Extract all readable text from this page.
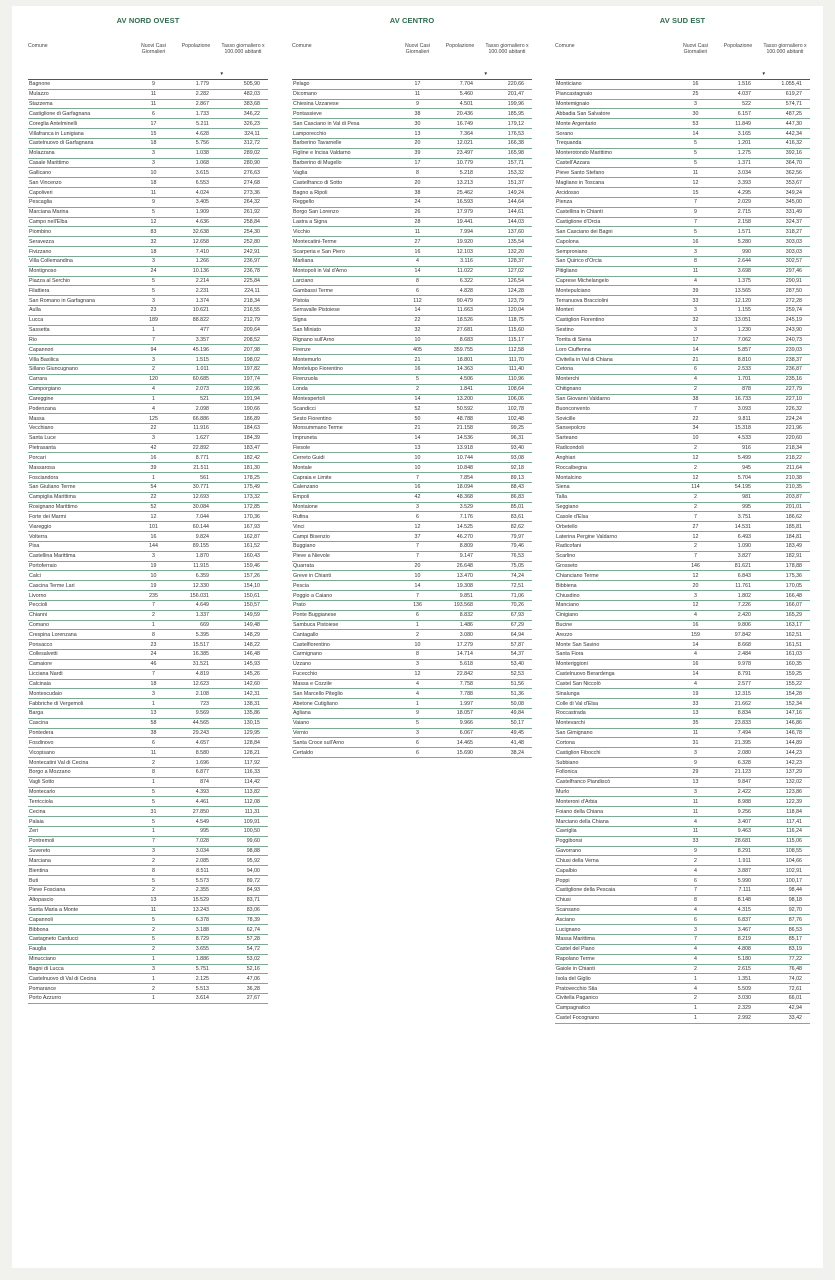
AV NORD OVEST
Comune	Nuovi Casi Giornalieri
Popolazione	Tasso giornaliero x 100.000 abitanti
▼
Bagnone	9	1.779	505,90
Mulazzo	11	2.282	482,03
Stazzema	11	2.867	383,68
Castiglione di Garfagnana	6	1.733	346,22
Coreglia Antelminelli	17	5.211	326,23
Villafranca in Lunigiana	15	4.628	324,11
Castelnuovo di Garfagnana	18	5.756	312,72
Molazzana	3	1.038	289,02
Casale Marittimo	3	1.068	280,90
Gallicano	10	3.615	276,63
San Vincenzo	18	6.553	274,68
Capoliveri	11	4.024	273,36
Pescaglia	9	3.405	264,32
Marciana Marina	5	1.909	261,92
Campo nell'Elba	12	4.636	258,84
Piombino	83	32.638	254,30
Seravezza	32	12.658	252,80
Fivizzano	18	7.410	242,91
Villa Collemandina	3	1.266	236,97
Montignoso	24	10.136	236,78
Piazza al Serchio	5	2.214	225,84
Filattiera	5	2.231	224,11
San Romano in Garfagnana	3	1.374	218,34
Aulla	23	10.621	216,55
Lucca	189	88.822	212,79
Sassetta	1	477	209,64
Rio	7	3.357	208,52
Capannori	94	45.196	207,98
Villa Basilica	3	1.515	198,02
Sillano Giuncugnano	2	1.011	197,82
Carrara	120	60.685	197,74
Camporgiano	4	2.073	192,96
Careggine	1	521	191,94
Podenzana	4	2.098	190,66
Massa	125	66.886	186,89
Vecchiano	22	11.916	184,63
Santa Luce	3	1.627	184,39
Pietrasanta	42	22.892	183,47
Porcari	16	8.771	182,42
Massarosa	39	21.511	181,30
Fosciandora	1	561	178,25
San Giuliano Terme	54	30.771	175,49
Campiglia Marittima	22	12.693	173,32
Rosignano Marittimo	52	30.084	172,85
Forte dei Marmi	12	7.044	170,36
Viareggio	101	60.144	167,93
Volterra	16	9.824	162,87
Pisa	144	89.155	161,52
Castellina Marittima	3	1.870	160,43
Portoferraio	19	11.915	159,46
Calci	10	6.359	157,26
Cascina Terme Lari	19	12.330	154,10
Livorno	235	156.031	150,61
Peccioli	7	4.649	150,57
Chianni	2	1.337	149,59
Comano	1	669	149,48
Crespina Lorenzana	8	5.395	148,29
Ponsacco	23	15.517	148,22
Collesalvetti	24	16.385	146,48
Camaiore	46	31.521	145,93
Licciana Nardi	7	4.819	145,26
Calcinaia	18	12.623	142,60
Montescudaio	3	2.108	142,31
Fabbriche di Vergemoli	1	723	138,31
Barga	13	9.569	135,86
Cascina	58	44.565	130,15
Pontedera	38	29.243	129,95
Fosdinovo	6	4.657	128,84
Vicopisano	11	8.580	128,21
Montecatini Val di Cecina	2	1.696	117,92
Borgo a Mozzano	8	6.877	116,33
Vagli Sotto	1	874	114,42
Montecarlo	5	4.393	113,82
Terricciola	5	4.461	112,08
Cecina	31	27.850	111,31
Palaia	5	4.549	109,91
Zeri	1	995	100,50
Pontremoli	7	7.028	99,60
Suvereto	3	3.034	98,88
Marciana	2	2.085	95,92
Bientina	8	8.511	94,00
Buti	5	5.573	89,72
Pieve Fosciana	2	2.355	84,93
Altopascio	13	15.529	83,71
Santa Maria a Monte	11	13.243	83,06
Capannoli	5	6.378	78,39
Bibbona	2	3.188	62,74
Castagneto Carducci	5	8.729	57,28
Fauglia	2	3.655	54,72
Minucciano	1	1.886	53,02
Bagni di Lucca	3	5.751	52,16
Castelnuovo di Val di Cecina	1	2.125	47,06
Pomarance	2	5.513	36,28
Porto Azzurro	1	3.614	27,67
AV CENTRO
Comune	Nuovi Casi Giornalieri
Popolazione	Tasso giornaliero x 100.000 abitanti
▼
Pelago	17	7.704	220,66
Dicomano	11	5.460	201,47
Chiesina Uzzanese	9	4.501	199,96
Pontassieve	38	20.436	185,95
San Casciano in Val di Pesa	30	16.749	179,12
Lamporecchio	13	7.364	176,53
Barberino Tavarnelle	20	12.021	166,38
Figline e Incisa Valdarno	39	23.497	165,98
Barberino di Mugello	17	10.779	157,71
Vaglia	8	5.218	153,32
Castelfranco di Sotto	20	13.213	151,37
Bagno a Ripoli	38	25.462	149,24
Reggello	24	16.593	144,64
Borgo San Lorenzo	26	17.979	144,61
Lastra a Signa	28	19.441	144,03
Vicchio	11	7.994	137,60
Montecatini-Terme	27	19.920	135,54
Scarperia e San Piero	16	12.103	132,20
Marliana	4	3.116	128,37
Montopoli in Val d'Arno	14	11.022	127,02
Larciano	8	6.322	126,54
Gambassi Terme	6	4.828	124,28
Pistoia	112	90.479	123,79
Serravalle Pistoiese	14	11.663	120,04
Signa	22	18.526	118,75
San Miniato	32	27.681	115,60
Rignano sull'Arno	10	8.683	115,17
Firenze	405	359.755	112,58
Montemurlo	21	18.801	111,70
Montelupo Fiorentino	16	14.363	111,40
Firenzuola	5	4.506	110,96
Londa	2	1.841	108,64
Montespertoli	14	13.200	106,06
Scandicci	52	50.592	102,78
Sesto Fiorentino	50	48.788	102,48
Monsummano Terme	21	21.158	99,25
Impruneta	14	14.536	96,31
Fiesole	13	13.918	93,40
Cerreto Guidi	10	10.744	93,08
Montale	10	10.848	92,18
Capraia e Limite	7	7.854	89,13
Calenzano	16	18.094	88,43
Empoli	42	48.368	86,83
Montaione	3	3.529	85,01
Rufina	6	7.176	83,61
Vinci	12	14.525	82,62
Campi Bisenzio	37	46.270	79,97
Buggiano	7	8.809	79,46
Pieve a Nievole	7	9.147	76,53
Quarrata	20	26.648	75,05
Greve in Chianti	10	13.470	74,24
Pescia	14	19.308	72,51
Poggio a Caiano	7	9.851	71,06
Prato	136	193.568	70,26
Ponte Buggianese	6	8.832	67,93
Sambuca Pistoiese	1	1.486	67,29
Cantagallo	2	3.080	64,94
Castelfiorentino	10	17.279	57,87
Carmignano	8	14.714	54,37
Uzzano	3	5.618	53,40
Fucecchio	12	22.842	52,53
Massa e Cozzile	4	7.758	51,56
San Marcello Piteglio	4	7.788	51,36
Abetone Cutigliano	1	1.997	50,08
Agliana	9	18.057	49,84
Vaiano	5	9.966	50,17
Vernio	3	6.067	49,45
Santa Croce sull'Arno	6	14.465	41,48
Certaldo	6	15.690	38,24
AV SUD EST
Comune	Nuovi Casi Giornalieri
Popolazione	Tasso giornaliero x 100.000 abitanti
▼
Monticiano	16	1.516	1.055,41
Piancastagnaio	25	4.037	619,27
Montemignaio	3	522	574,71
Abbadia San Salvatore	30	6.157	487,25
Monte Argentario	53	11.849	447,30
Sorano	14	3.165	442,34
Trequanda	5	1.201	416,32
Monterotondo Marittimo	5	1.275	392,16
Castell'Azzara	5	1.371	364,70
Pieve Santo Stefano	11	3.034	362,56
Magliano in Toscana	12	3.393	353,67
Arcidosso	15	4.295	349,24
Pienza	7	2.029	345,00
Castellina in Chianti	9	2.715	331,49
Castiglione d'Orcia	7	2.158	324,37
San Casciano dei Bagni	5	1.571	318,27
Capolona	16	5.280	303,03
Semproniano	3	990	303,03
San Quirico d'Orcia	8	2.644	302,57
Pitigliano	11	3.698	297,46
Caprese Michelangelo	4	1.375	290,91
Montepulciano	39	13.565	287,50
Terranuova Bracciolini	33	12.120	272,28
Monteri	3	1.155	259,74
Castiglion Fiorentino	32	13.051	245,19
Sestino	3	1.230	243,90
Torrita di Siena	17	7.062	240,73
Loro Ciuffenna	14	5.857	239,03
Civitella in Val di Chiana	21	8.810	238,37
Cetona	6	2.533	236,87
Monterchi	4	1.701	235,16
Chitignano	2	878	227,79
San Giovanni Valdarno	38	16.733	227,10
Buonconvento	7	3.093	226,32
Sovicille	22	9.811	224,24
Sansepolcro	34	15.318	221,96
Sarteano	10	4.533	220,60
Radicondoli	2	916	218,34
Anghiari	12	5.499	218,22
Roccalbegna	2	945	211,64
Montalcino	12	5.704	210,38
Siena	114	54.195	210,35
Talla	2	981	203,87
Seggiano	2	995	201,01
Casole d'Elsa	7	3.751	186,62
Orbetello	27	14.531	185,81
Laterina Pergine Valdarno	12	6.493	184,81
Radicofani	2	1.090	183,49
Scarlino	7	3.827	182,91
Grosseto	146	81.621	178,88
Chianciano Terme	12	6.843	175,36
Bibbiena	20	11.761	170,05
Chiusdino	3	1.802	166,48
Manciano	12	7.226	166,07
Cinigiano	4	2.420	165,29
Bucine	16	9.806	163,17
Arezzo	159	97.842	162,51
Monte San Savino	14	8.668	161,51
Santa Fiora	4	2.484	161,03
Monteriggioni	16	9.978	160,35
Castelnuovo Berardenga	14	8.791	159,25
Castel San Niccolò	4	2.577	155,22
Sinalunga	19	12.315	154,28
Colle di Val d'Elsa	33	21.662	152,34
Roccastrada	13	8.834	147,16
Montevarchi	35	23.833	146,86
San Gimignano	11	7.494	146,78
Cortona	31	21.395	144,89
Castiglion Fibocchi	3	2.080	144,23
Subbiano	9	6.328	142,23
Follonica	29	21.123	137,29
Castelfranco Piandiscò	13	9.847	132,02
Murlo	3	2.422	123,86
Monteroni d'Arbia	11	8.988	122,39
Foiano della Chiana	11	9.256	118,84
Marciano della Chiana	4	3.407	117,41
Cavriglia	11	9.463	116,24
Poggibonsi	33	28.681	115,06
Gavorrano	9	8.291	108,55
Chiusi della Verna	2	1.911	104,66
Capalbio	4	3.887	102,91
Poppi	6	5.990	100,17
Castiglione della Pescaia	7	7.111	98,44
Chiusi	8	8.148	98,18
Scansano	4	4.315	92,70
Asciano	6	6.837	87,76
Lucignano	3	3.467	86,53
Massa Marittima	7	8.219	85,17
Castel del Piano	4	4.808	83,19
Rapolano Terme	4	5.180	77,22
Gaiole in Chianti	2	2.615	76,48
Isola del Giglio	1	1.351	74,02
Pratovecchio Stia	4	5.509	72,61
Civitella Paganico	2	3.030	66,01
Campagnatico	1	2.329	42,94
Castel Focognano	1	2.992	33,42
